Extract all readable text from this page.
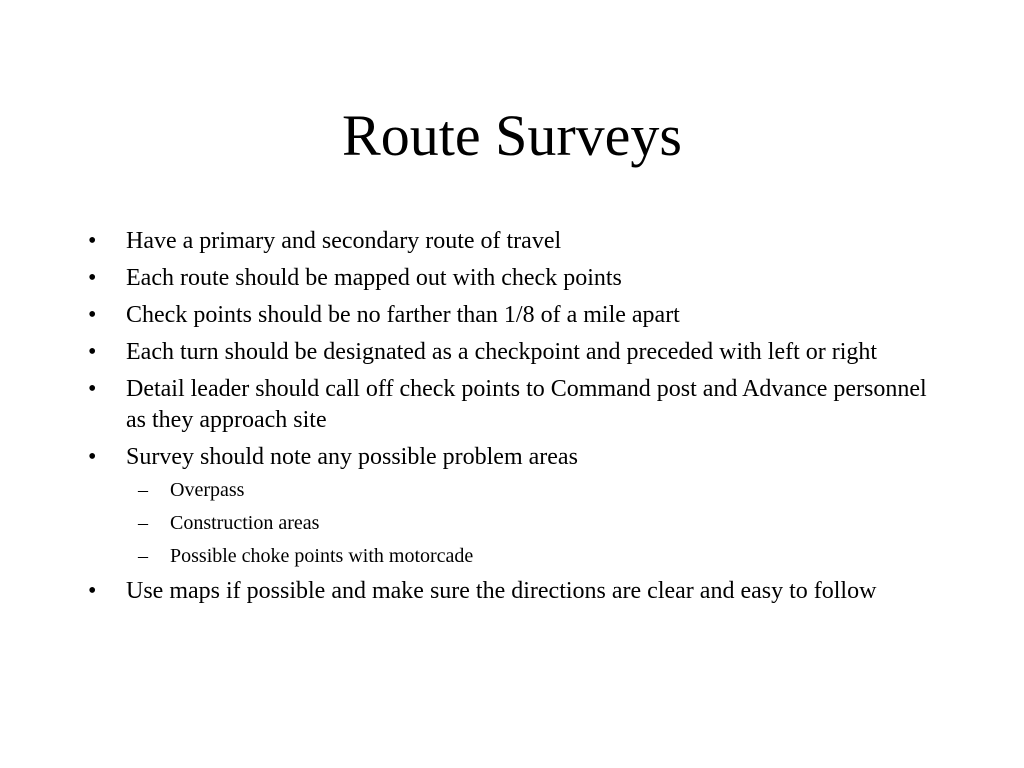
Route Surveys
•	Have a primary and secondary route of travel
•	Each route should be mapped out with check points
•	Check points should be no farther than 1/8 of a mile apart
•	Each turn should be designated as a checkpoint and preceded with left or right
•	Detail leader should call off check points to Command post and Advance personnel as they approach site
•	Survey should note any possible problem areas
– Overpass
– Construction areas
– Possible choke points with motorcade
•	Use maps if possible and make sure the directions are clear and easy to follow
